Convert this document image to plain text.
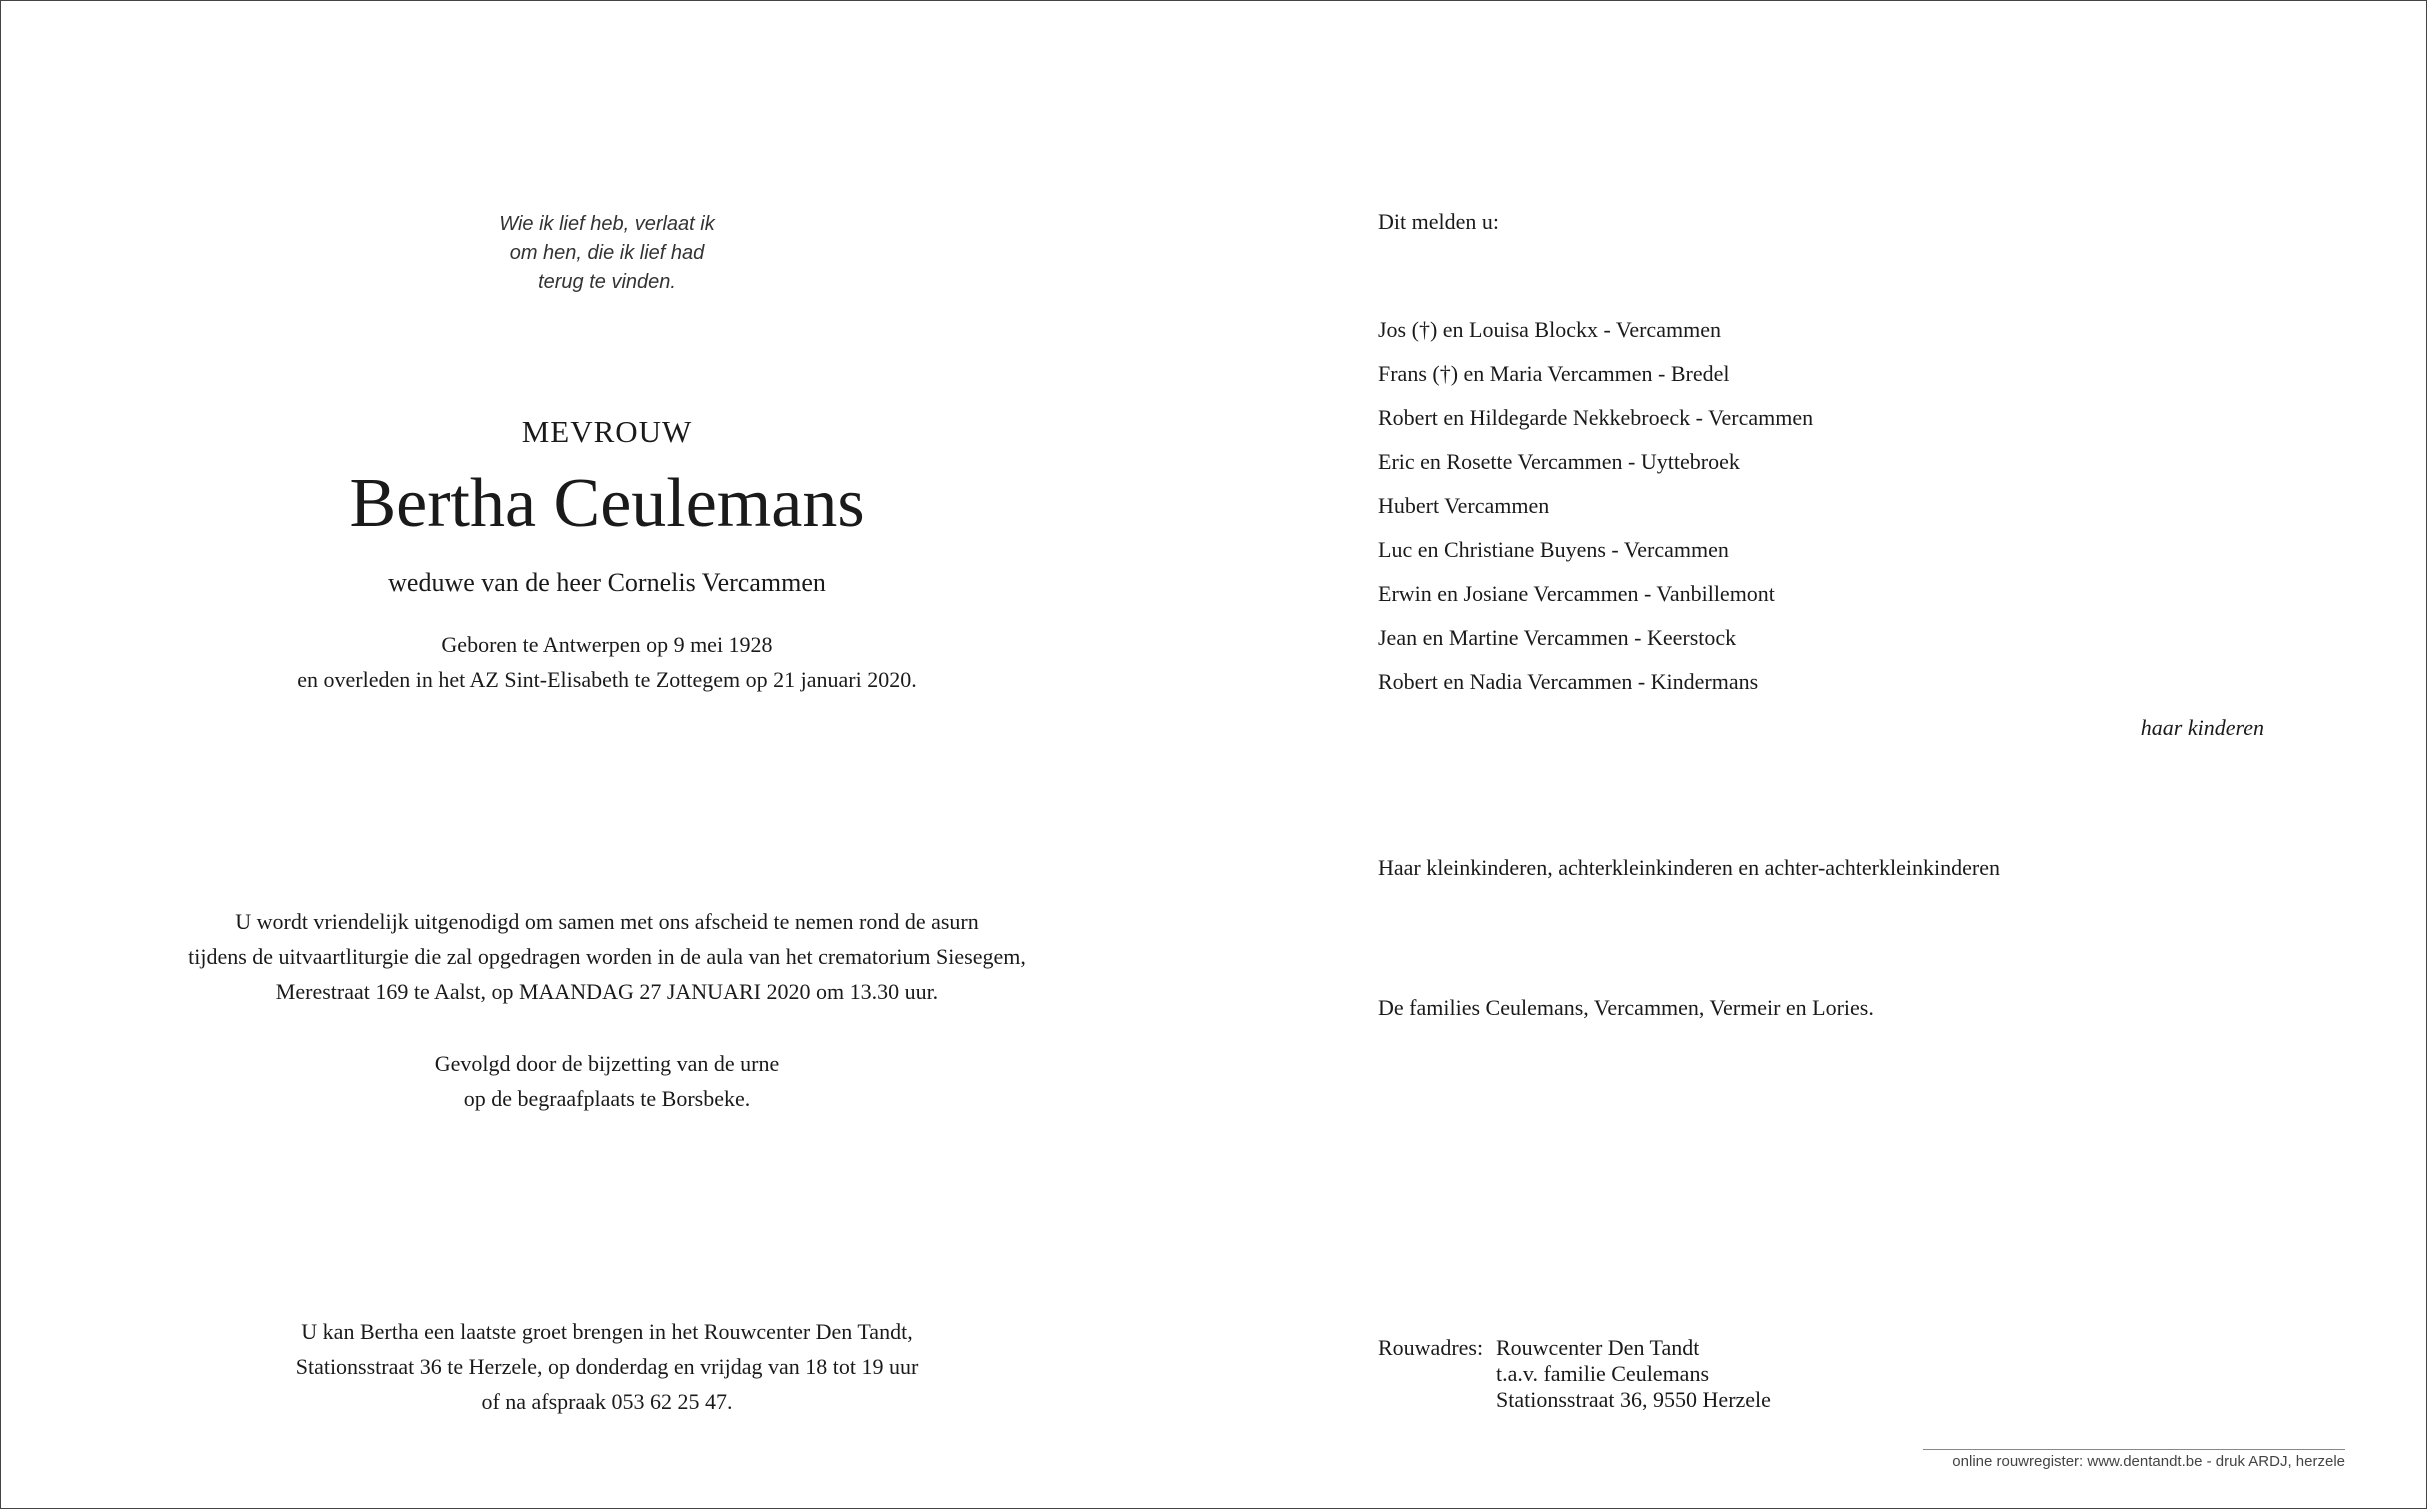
Wie ik lief heb, verlaat ik
om hen, die ik lief had
terug te vinden.
MEVROUW
Bertha Ceulemans
weduwe van de heer Cornelis Vercammen
Geboren te Antwerpen op 9 mei 1928
en overleden in het AZ Sint-Elisabeth te Zottegem op 21 januari 2020.
U wordt vriendelijk uitgenodigd om samen met ons afscheid te nemen rond de asurn
tijdens de uitvaartliturgie die zal opgedragen worden in de aula van het crematorium Siesegem,
Merestraat 169 te Aalst, op MAANDAG 27 JANUARI 2020 om 13.30 uur.
Gevolgd door de bijzetting van de urne
op de begraafplaats te Borsbeke.
U kan Bertha een laatste groet brengen in het Rouwcenter Den Tandt,
Stationsstraat 36 te Herzele, op donderdag en vrijdag van 18 tot 19 uur
of na afspraak 053 62 25 47.
Dit melden u:
Jos (†) en Louisa Blockx - Vercammen
Frans (†) en Maria Vercammen - Bredel
Robert en Hildegarde Nekkebroeck - Vercammen
Eric en Rosette Vercammen - Uyttebroek
Hubert Vercammen
Luc en Christiane Buyens - Vercammen
Erwin en Josiane Vercammen - Vanbillemont
Jean en Martine Vercammen - Keerstock
Robert en Nadia Vercammen - Kindermans
haar kinderen
Haar kleinkinderen, achterkleinkinderen en achter-achterkleinkinderen
De families Ceulemans, Vercammen, Vermeir en Lories.
Rouwadres: Rouwcenter Den Tandt
t.a.v. familie Ceulemans
Stationsstraat 36, 9550 Herzele
online rouwregister: www.dentandt.be - druk ARDJ, herzele
